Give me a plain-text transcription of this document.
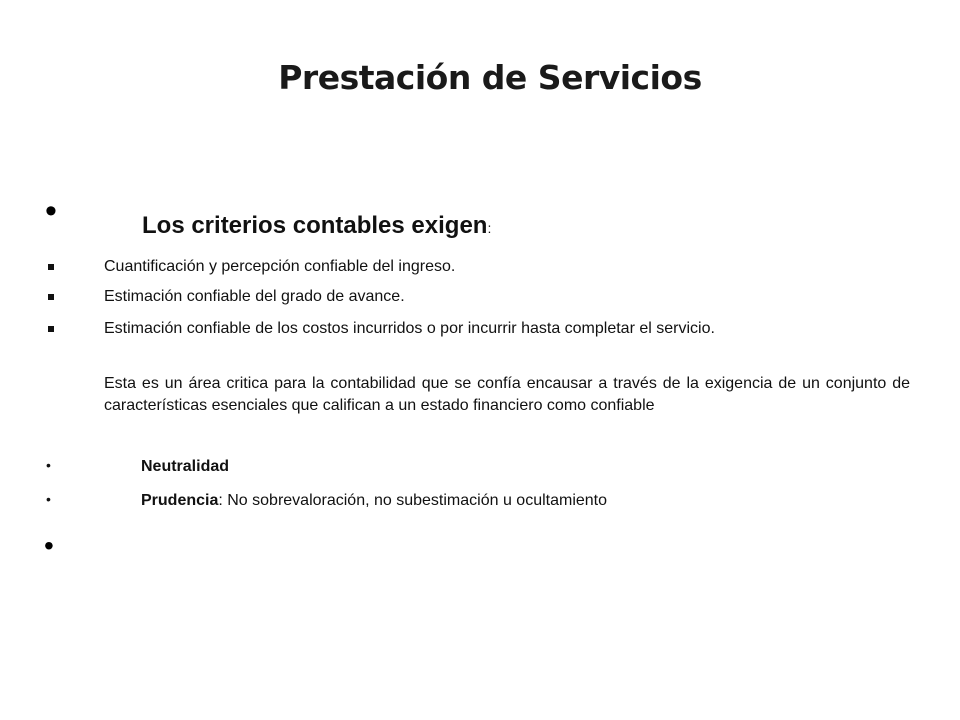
Prestación de Servicios
•	Los criterios contables exigen:
Cuantificación y percepción confiable del ingreso.
Estimación confiable del grado de avance.
Estimación confiable de los costos incurridos o por incurrir hasta completar el servicio.
Esta es un área critica para la contabilidad que se confía encausar a través de la exigencia de un conjunto de características esenciales que califican a un estado financiero como confiable
•	Neutralidad
•	Prudencia: No sobrevaloración, no subestimación u ocultamiento
•
